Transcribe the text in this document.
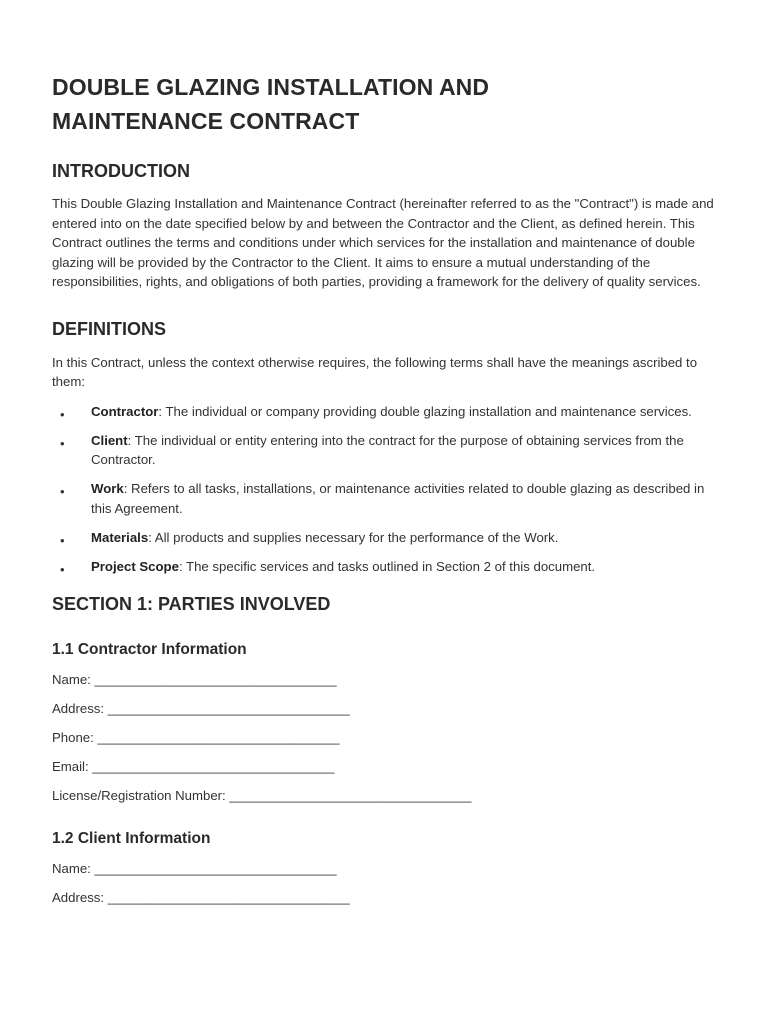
DOUBLE GLAZING INSTALLATION AND MAINTENANCE CONTRACT
INTRODUCTION

This Double Glazing Installation and Maintenance Contract (hereinafter referred to as the "Contract") is made and entered into on the date specified below by and between the Contractor and the Client, as defined herein. This Contract outlines the terms and conditions under which services for the installation and maintenance of double glazing will be provided by the Contractor to the Client. It aims to ensure a mutual understanding of the responsibilities, rights, and obligations of both parties, providing a framework for the delivery of quality services.

DEFINITIONS

In this Contract, unless the context otherwise requires, the following terms shall have the meanings ascribed to them:

• Contractor: The individual or company providing double glazing installation and maintenance services.
• Client: The individual or entity entering into the contract for the purpose of obtaining services from the Contractor.
• Work: Refers to all tasks, installations, or maintenance activities related to double glazing as described in this Agreement.
• Materials: All products and supplies necessary for the performance of the Work.
• Project Scope: The specific services and tasks outlined in Section 2 of this document.
SECTION 1: PARTIES INVOLVED
1.1 Contractor Information
Name: _________________________________
Address: _________________________________
Phone: _________________________________
Email: _________________________________
License/Registration Number: _________________________________
1.2 Client Information
Name: _________________________________
Address: _________________________________
